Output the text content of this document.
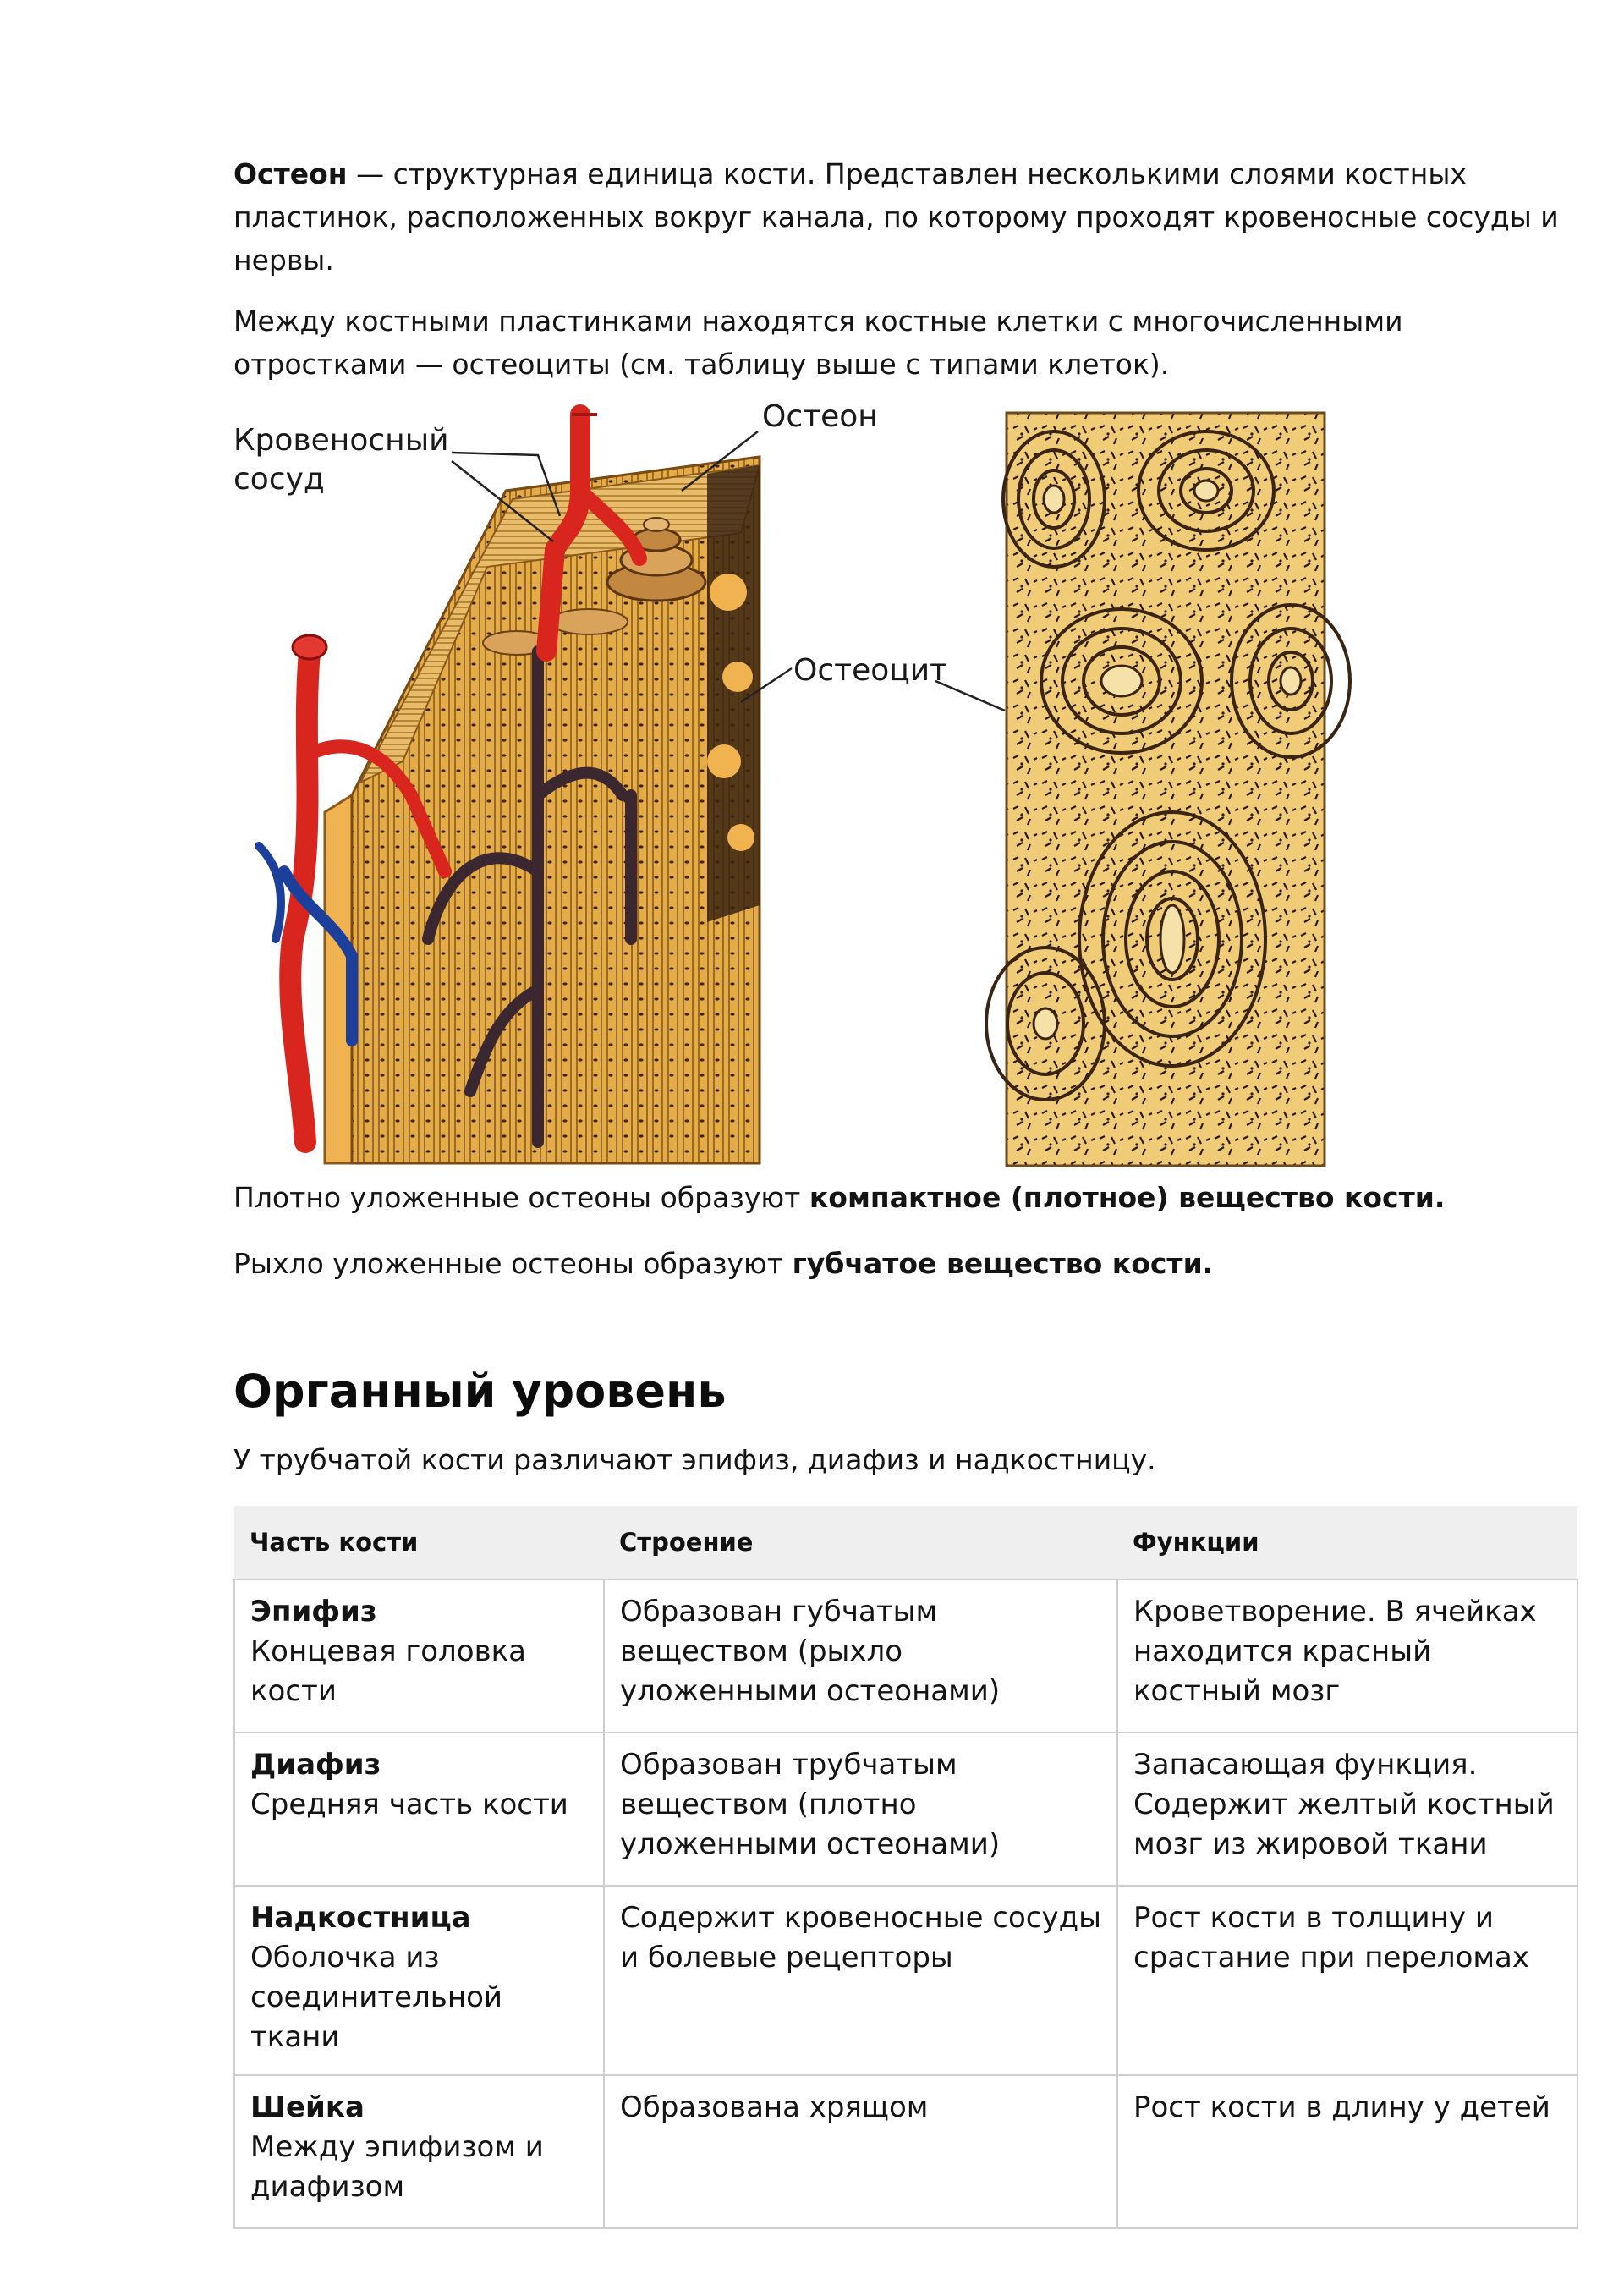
Остеон — структурная единица кости. Представлен несколькими слоями костных пластинок, расположенных вокруг канала, по которому проходят кровеносные сосуды и нервы.

Между костными пластинками находятся костные клетки с многочисленными отростками — остеоциты (см. таблицу выше с типами клеток).

Кровеносный
сосуд
Остеон
Остеоцит

Плотно уложенные остеоны образуют компактное (плотное) вещество кости.

Рыхло уложенные остеоны образуют губчатое вещество кости.

Органный уровень

У трубчатой кости различают эпифиз, диафиз и надкостницу.

Часть кости	Строение	Функции

Эпифиз
Концевая головка кости	Образован губчатым веществом (рыхло уложенными остеонами)	Кроветворение. В ячейках находится красный костный мозг

Диафиз
Средняя часть кости	Образован трубчатым веществом (плотно уложенными остеонами)	Запасающая функция. Содержит желтый костный мозг из жировой ткани

Надкостница
Оболочка из соединительной ткани	Содержит кровеносные сосуды и болевые рецепторы	Рост кости в толщину и срастание при переломах

Шейка
Между эпифизом и диафизом	Образована хрящом	Рост кости в длину у детей
